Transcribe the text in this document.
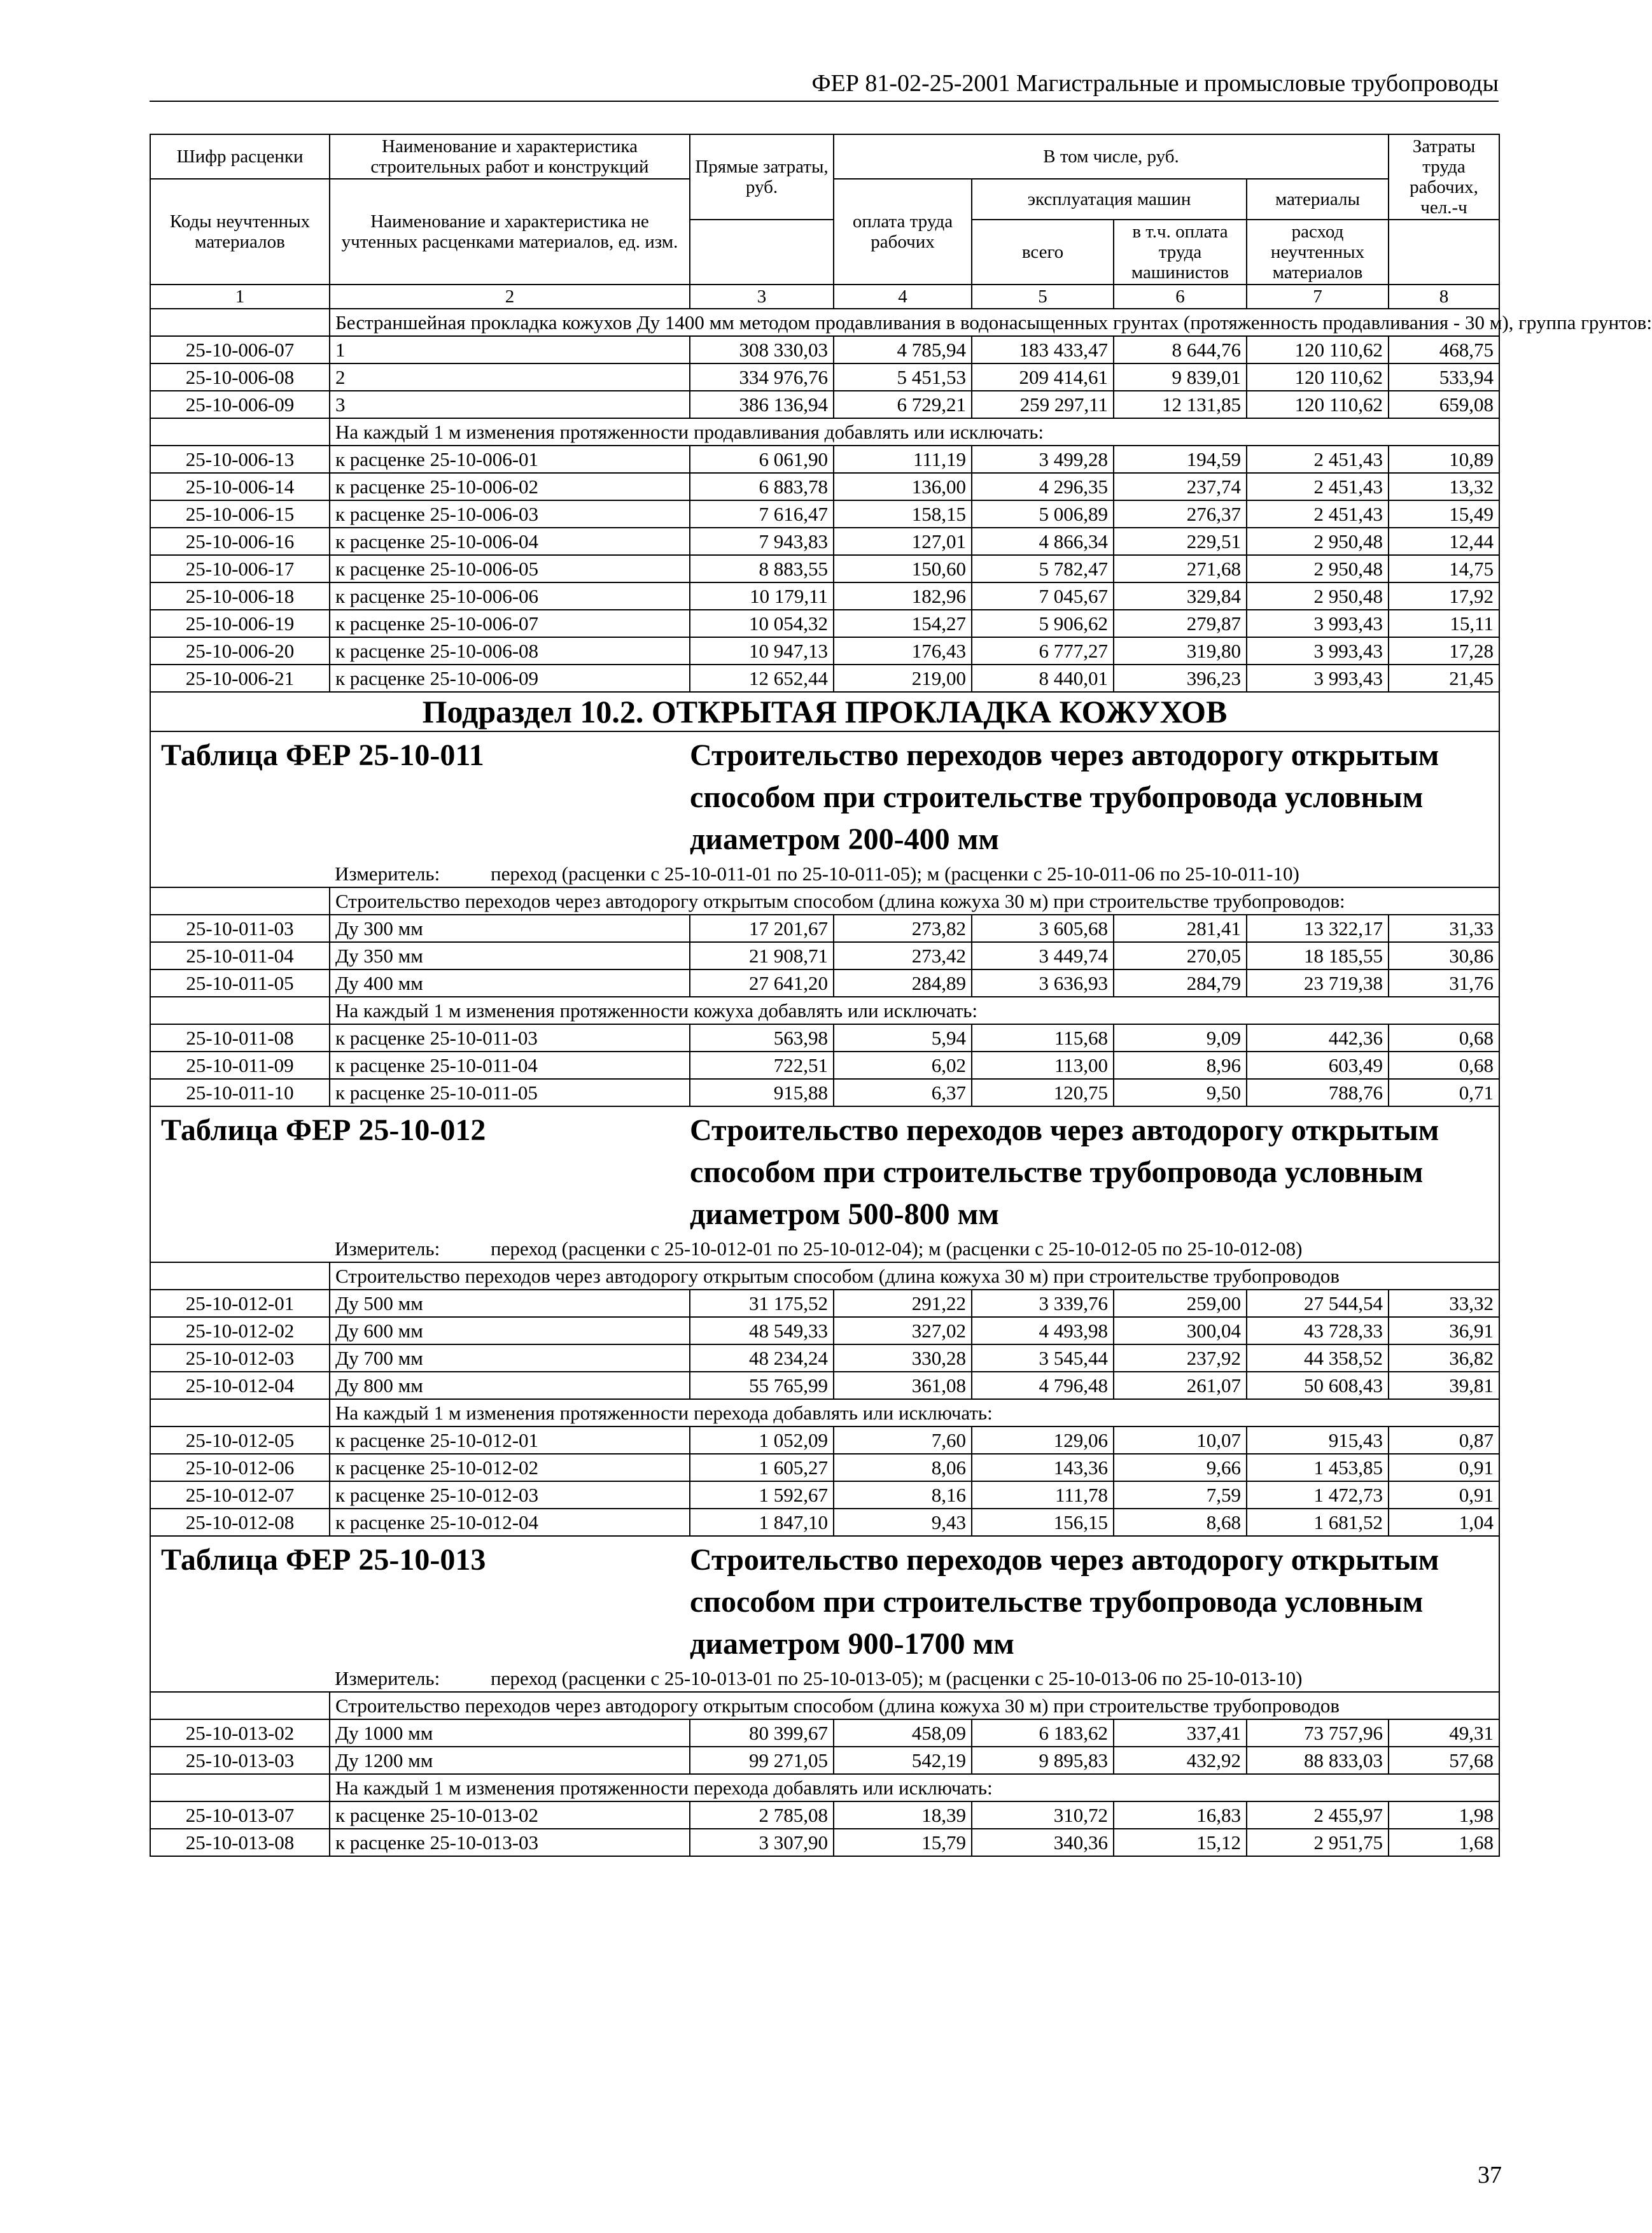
ФЕР 81-02-25-2001 Магистральные и промысловые трубопроводы
Шифр расценки	Наименование и характеристика строительных работ и конструкций	Прямые затраты, руб.	В том числе, руб.				Затраты труда рабочих, чел.-ч
Коды неучтенных материалов	Наименование и характеристика не учтенных расценками материалов, ед. изм.		оплата труда рабочих	эксплуатация машин		материалы	
				всего	в т.ч. оплата труда машинистов	расход неучтенных материалов	
1	2	3	4	5	6	7	8
	Бестраншейная прокладка кожухов Ду 1400 мм методом продавливания в водонасыщенных грунтах (протяженность продавливания - 30 м), группа грунтов:						
25-10-006-07	1	308 330,03	4 785,94	183 433,47	8 644,76	120 110,62	468,75
25-10-006-08	2	334 976,76	5 451,53	209 414,61	9 839,01	120 110,62	533,94
25-10-006-09	3	386 136,94	6 729,21	259 297,11	12 131,85	120 110,62	659,08
	На каждый 1 м изменения протяженности продавливания добавлять или исключать:						
25-10-006-13	к расценке 25-10-006-01	6 061,90	111,19	3 499,28	194,59	2 451,43	10,89
25-10-006-14	к расценке 25-10-006-02	6 883,78	136,00	4 296,35	237,74	2 451,43	13,32
25-10-006-15	к расценке 25-10-006-03	7 616,47	158,15	5 006,89	276,37	2 451,43	15,49
25-10-006-16	к расценке 25-10-006-04	7 943,83	127,01	4 866,34	229,51	2 950,48	12,44
25-10-006-17	к расценке 25-10-006-05	8 883,55	150,60	5 782,47	271,68	2 950,48	14,75
25-10-006-18	к расценке 25-10-006-06	10 179,11	182,96	7 045,67	329,84	2 950,48	17,92
25-10-006-19	к расценке 25-10-006-07	10 054,32	154,27	5 906,62	279,87	3 993,43	15,11
25-10-006-20	к расценке 25-10-006-08	10 947,13	176,43	6 777,27	319,80	3 993,43	17,28
25-10-006-21	к расценке 25-10-006-09	12 652,44	219,00	8 440,01	396,23	3 993,43	21,45
Подраздел 10.2. ОТКРЫТАЯ ПРОКЛАДКА КОЖУХОВ							
Таблица ФЕР 25-10-011		Строительство переходов через автодорогу открытым способом при строительстве трубопровода условным диаметром 200-400 мм					
	Измеритель: переход (расценки с 25-10-011-01 по 25-10-011-05); м (расценки с 25-10-011-06 по 25-10-011-10)						
	Строительство переходов через автодорогу открытым способом (длина кожуха 30 м) при строительстве трубопроводов:						
25-10-011-03	Ду 300 мм	17 201,67	273,82	3 605,68	281,41	13 322,17	31,33
25-10-011-04	Ду 350 мм	21 908,71	273,42	3 449,74	270,05	18 185,55	30,86
25-10-011-05	Ду 400 мм	27 641,20	284,89	3 636,93	284,79	23 719,38	31,76
	На каждый 1 м изменения протяженности кожуха добавлять или исключать:						
25-10-011-08	к расценке 25-10-011-03	563,98	5,94	115,68	9,09	442,36	0,68
25-10-011-09	к расценке 25-10-011-04	722,51	6,02	113,00	8,96	603,49	0,68
25-10-011-10	к расценке 25-10-011-05	915,88	6,37	120,75	9,50	788,76	0,71
Таблица ФЕР 25-10-012		Строительство переходов через автодорогу открытым способом при строительстве трубопровода условным диаметром 500-800 мм					
	Измеритель: переход (расценки с 25-10-012-01 по 25-10-012-04); м (расценки с 25-10-012-05 по 25-10-012-08)						
	Строительство переходов через автодорогу открытым способом (длина кожуха 30 м) при строительстве трубопроводов						
25-10-012-01	Ду 500 мм	31 175,52	291,22	3 339,76	259,00	27 544,54	33,32
25-10-012-02	Ду 600 мм	48 549,33	327,02	4 493,98	300,04	43 728,33	36,91
25-10-012-03	Ду 700 мм	48 234,24	330,28	3 545,44	237,92	44 358,52	36,82
25-10-012-04	Ду 800 мм	55 765,99	361,08	4 796,48	261,07	50 608,43	39,81
	На каждый 1 м изменения протяженности перехода добавлять или исключать:						
25-10-012-05	к расценке 25-10-012-01	1 052,09	7,60	129,06	10,07	915,43	0,87
25-10-012-06	к расценке 25-10-012-02	1 605,27	8,06	143,36	9,66	1 453,85	0,91
25-10-012-07	к расценке 25-10-012-03	1 592,67	8,16	111,78	7,59	1 472,73	0,91
25-10-012-08	к расценке 25-10-012-04	1 847,10	9,43	156,15	8,68	1 681,52	1,04
Таблица ФЕР 25-10-013		Строительство переходов через автодорогу открытым способом при строительстве трубопровода условным диаметром 900-1700 мм					
	Измеритель: переход (расценки с 25-10-013-01 по 25-10-013-05); м (расценки с 25-10-013-06 по 25-10-013-10)						
	Строительство переходов через автодорогу открытым способом (длина кожуха 30 м) при строительстве трубопроводов						
25-10-013-02	Ду 1000 мм	80 399,67	458,09	6 183,62	337,41	73 757,96	49,31
25-10-013-03	Ду 1200 мм	99 271,05	542,19	9 895,83	432,92	88 833,03	57,68
	На каждый 1 м изменения протяженности перехода добавлять или исключать:						
25-10-013-07	к расценке 25-10-013-02	2 785,08	18,39	310,72	16,83	2 455,97	1,98
25-10-013-08	к расценке 25-10-013-03	3 307,90	15,79	340,36	15,12	2 951,75	1,68
37
